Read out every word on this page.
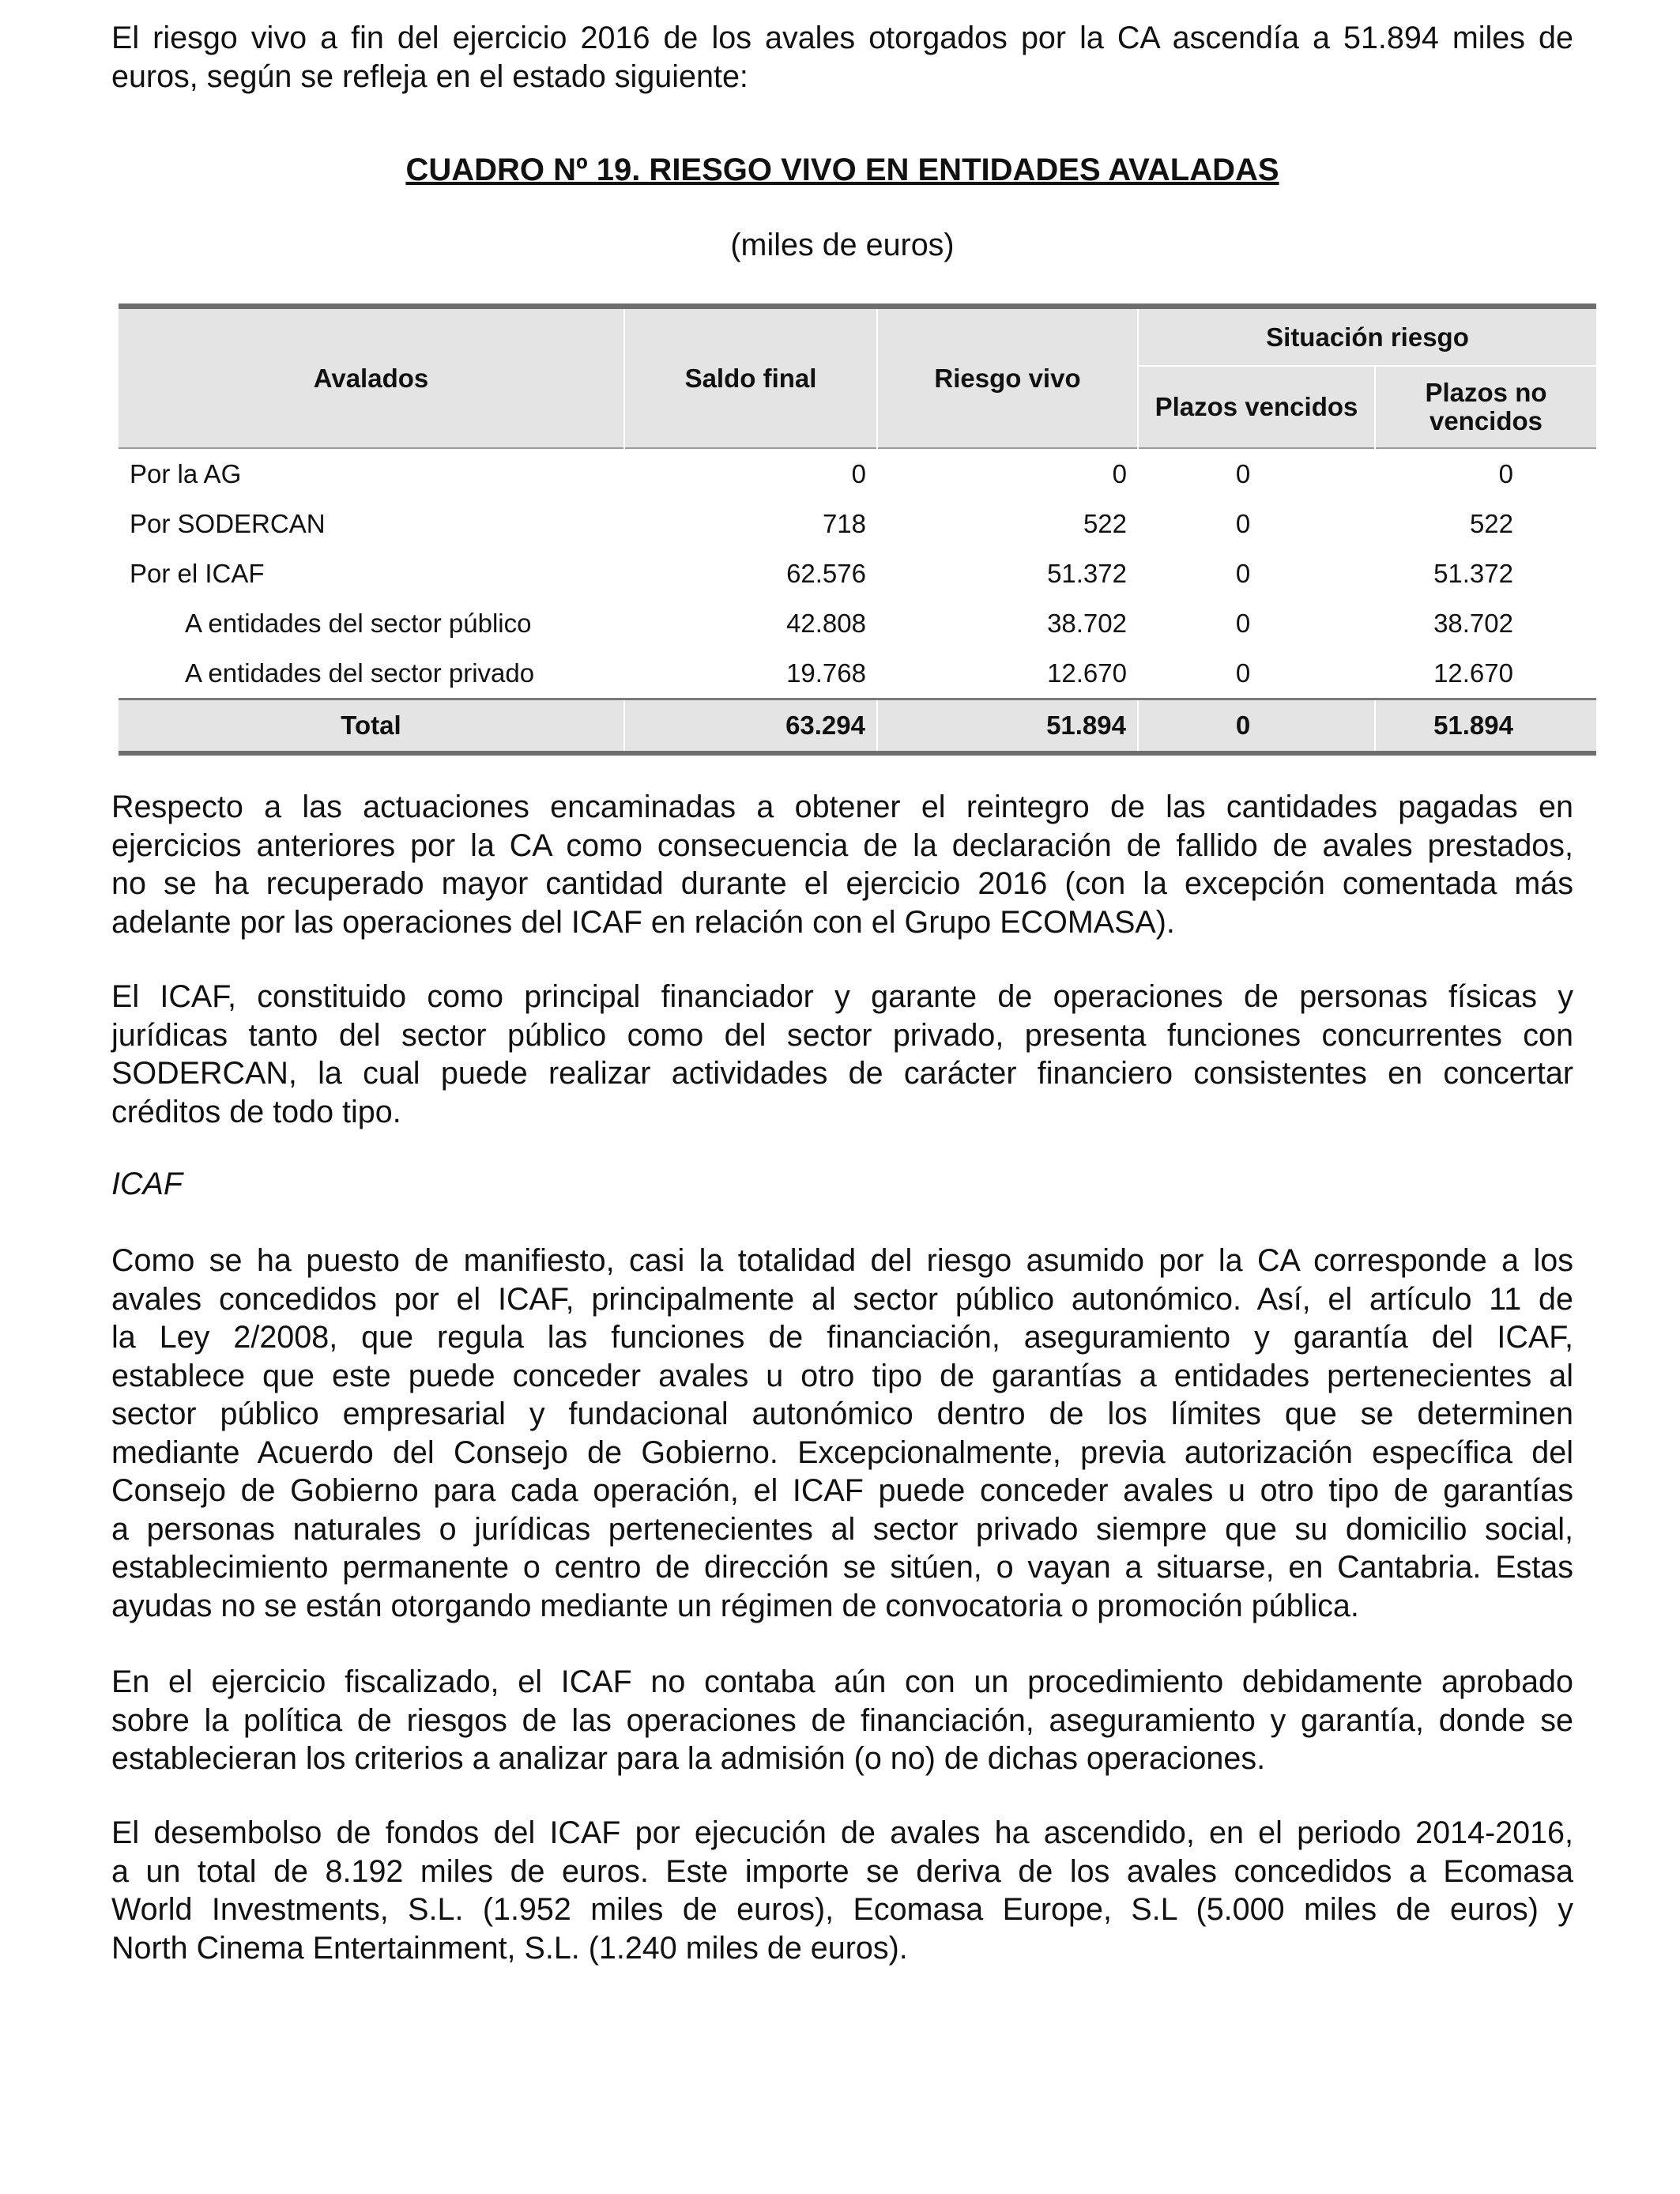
El riesgo vivo a fin del ejercicio 2016 de los avales otorgados por la CA ascendía a 51.894 miles de
euros, según se refleja en el estado siguiente:

CUADRO Nº 19. RIESGO VIVO EN ENTIDADES AVALADAS

(miles de euros)

Avalados	Saldo final	Riesgo vivo	Situación riesgo	
			Plazos vencidos	Plazos no vencidos
Por la AG	0	0	0	0
Por SODERCAN	718	522	0	522
Por el ICAF	62.576	51.372	0	51.372
A entidades del sector público	42.808	38.702	0	38.702
A entidades del sector privado	19.768	12.670	0	12.670
Total	63.294	51.894	0	51.894

Respecto a las actuaciones encaminadas a obtener el reintegro de las cantidades pagadas en
ejercicios anteriores por la CA como consecuencia de la declaración de fallido de avales prestados,
no se ha recuperado mayor cantidad durante el ejercicio 2016 (con la excepción comentada más
adelante por las operaciones del ICAF en relación con el Grupo ECOMASA).

El ICAF, constituido como principal financiador y garante de operaciones de personas físicas y
jurídicas tanto del sector público como del sector privado, presenta funciones concurrentes con
SODERCAN, la cual puede realizar actividades de carácter financiero consistentes en concertar
créditos de todo tipo.

ICAF

Como se ha puesto de manifiesto, casi la totalidad del riesgo asumido por la CA corresponde a los
avales concedidos por el ICAF, principalmente al sector público autonómico. Así, el artículo 11 de
la Ley 2/2008, que regula las funciones de financiación, aseguramiento y garantía del ICAF,
establece que este puede conceder avales u otro tipo de garantías a entidades pertenecientes al
sector público empresarial y fundacional autonómico dentro de los límites que se determinen
mediante Acuerdo del Consejo de Gobierno. Excepcionalmente, previa autorización específica del
Consejo de Gobierno para cada operación, el ICAF puede conceder avales u otro tipo de garantías
a personas naturales o jurídicas pertenecientes al sector privado siempre que su domicilio social,
establecimiento permanente o centro de dirección se sitúen, o vayan a situarse, en Cantabria. Estas
ayudas no se están otorgando mediante un régimen de convocatoria o promoción pública.

En el ejercicio fiscalizado, el ICAF no contaba aún con un procedimiento debidamente aprobado
sobre la política de riesgos de las operaciones de financiación, aseguramiento y garantía, donde se
establecieran los criterios a analizar para la admisión (o no) de dichas operaciones.

El desembolso de fondos del ICAF por ejecución de avales ha ascendido, en el periodo 2014-2016,
a un total de 8.192 miles de euros. Este importe se deriva de los avales concedidos a Ecomasa
World Investments, S.L. (1.952 miles de euros), Ecomasa Europe, S.L (5.000 miles de euros) y
North Cinema Entertainment, S.L. (1.240 miles de euros).
